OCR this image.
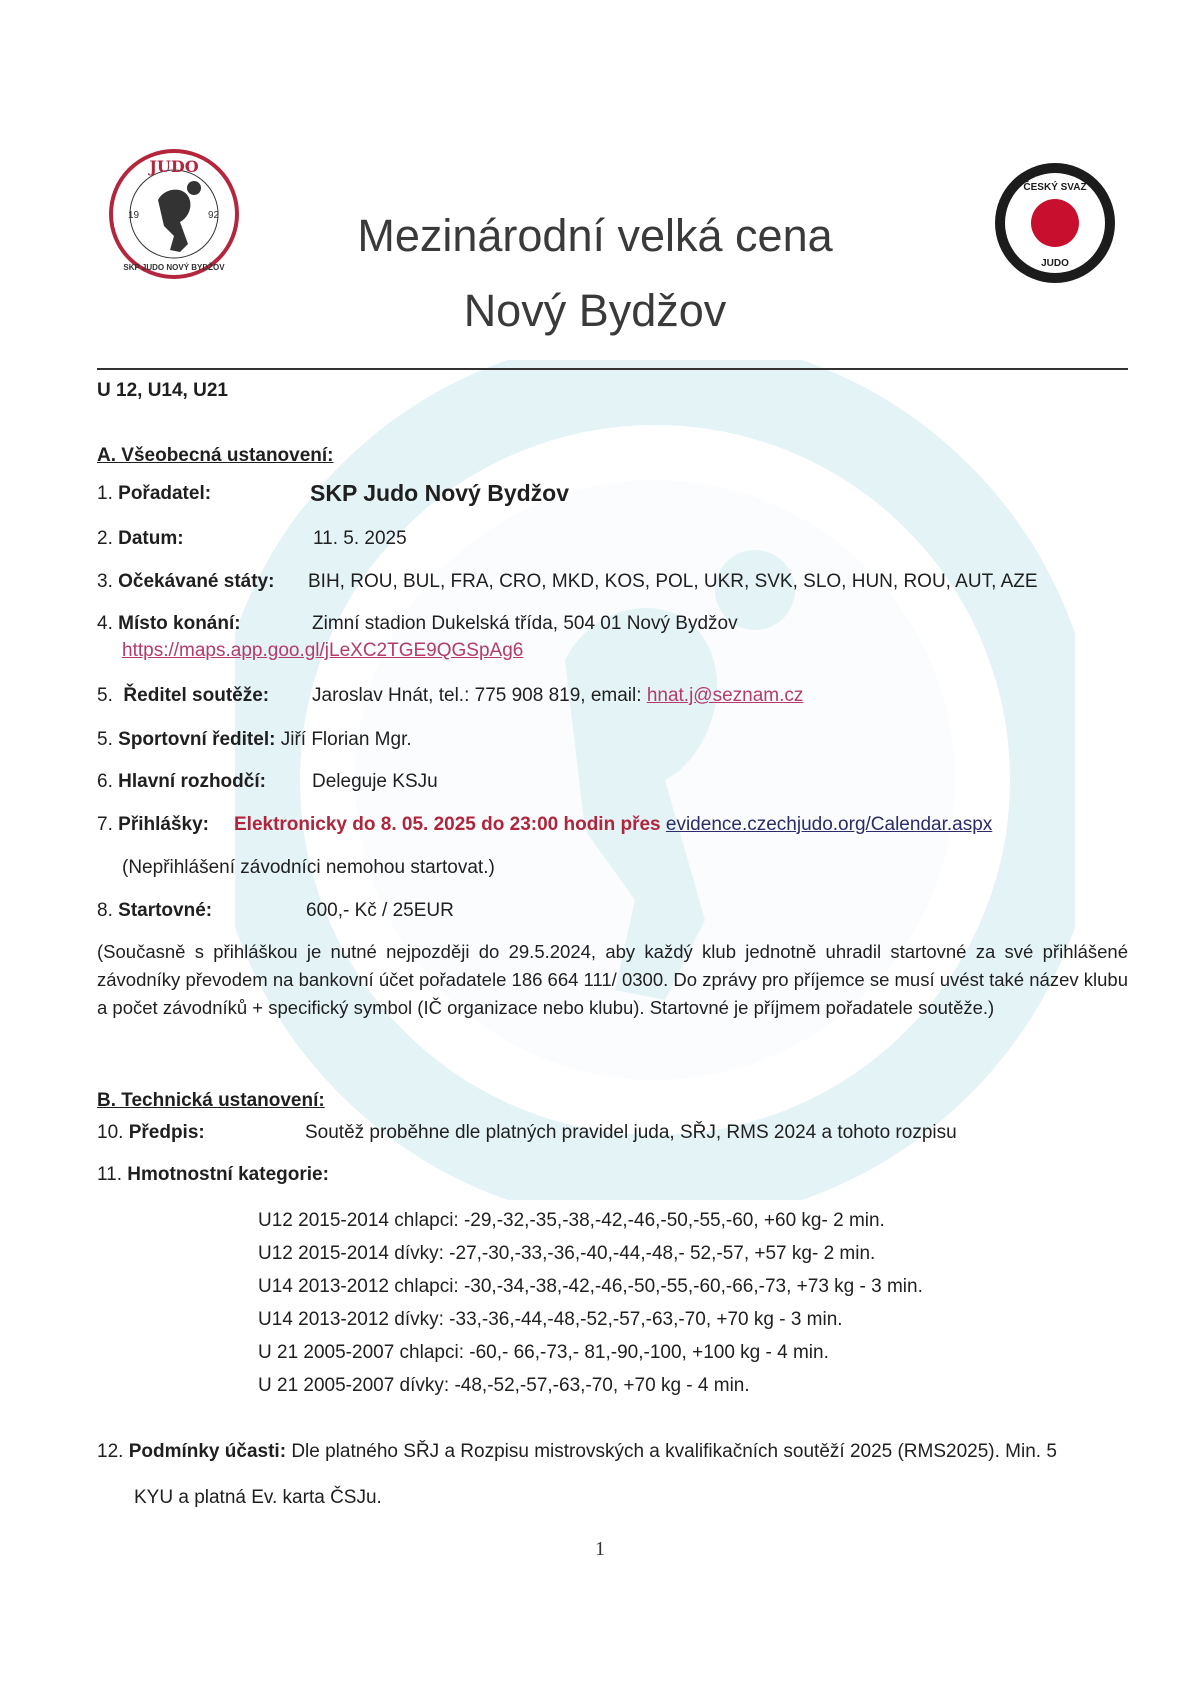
JUDO
19	92
SKP JUDO NOVÝ BYDŽOV
ČESKÝ SVAZ
JUDO
Mezinárodní velká cena
Nový Bydžov
U 12, U14, U21
A. Všeobecná ustanovení:
1. Pořadatel:	SKP Judo Nový Bydžov
2. Datum:	11. 5. 2025
3. Očekávané státy: BIH, ROU, BUL, FRA, CRO, MKD, KOS, POL, UKR, SVK, SLO, HUN, ROU, AUT, AZE
4. Místo konání:	Zimní stadion Dukelská třída, 504 01 Nový Bydžov
https://maps.app.goo.gl/jLeXC2TGE9QGSpAg6
5. Ředitel soutěže: Jaroslav Hnát, tel.: 775 908 819, email: hnat.j@seznam.cz
5. Sportovní ředitel: Jiří Florian Mgr.
6. Hlavní rozhodčí: Deleguje KSJu
7. Přihlášky: Elektronicky do 8. 05. 2025 do 23:00 hodin přes evidence.czechjudo.org/Calendar.aspx
(Nepřihlášení závodníci nemohou startovat.)
8. Startovné:	600,- Kč / 25EUR
(Současně s přihláškou je nutné nejpozději do 29.5.2024, aby každý klub jednotně uhradil startovné za své přihlášené závodníky převodem na bankovní účet pořadatele 186 664 111/ 0300. Do zprávy pro příjemce se musí uvést také název klubu a počet závodníků + specifický symbol (IČ organizace nebo klubu). Startovné je příjmem pořadatele soutěže.)
B. Technická ustanovení:
10. Předpis:	Soutěž proběhne dle platných pravidel juda, SŘJ, RMS 2024 a tohoto rozpisu
11. Hmotnostní kategorie:
U12 2015-2014 chlapci: -29,-32,-35,-38,-42,-46,-50,-55,-60, +60 kg- 2 min.
U12 2015-2014 dívky: -27,-30,-33,-36,-40,-44,-48,- 52,-57, +57 kg- 2 min.
U14 2013-2012 chlapci: -30,-34,-38,-42,-46,-50,-55,-60,-66,-73, +73 kg - 3 min.
U14 2013-2012 dívky: -33,-36,-44,-48,-52,-57,-63,-70, +70 kg - 3 min.
U 21 2005-2007 chlapci: -60,- 66,-73,- 81,-90,-100, +100 kg - 4 min.
U 21 2005-2007 dívky: -48,-52,-57,-63,-70, +70 kg - 4 min.
12. Podmínky účasti: Dle platného SŘJ a Rozpisu mistrovských a kvalifikačních soutěží 2025 (RMS2025). Min. 5
KYU a platná Ev. karta ČSJu.
1
